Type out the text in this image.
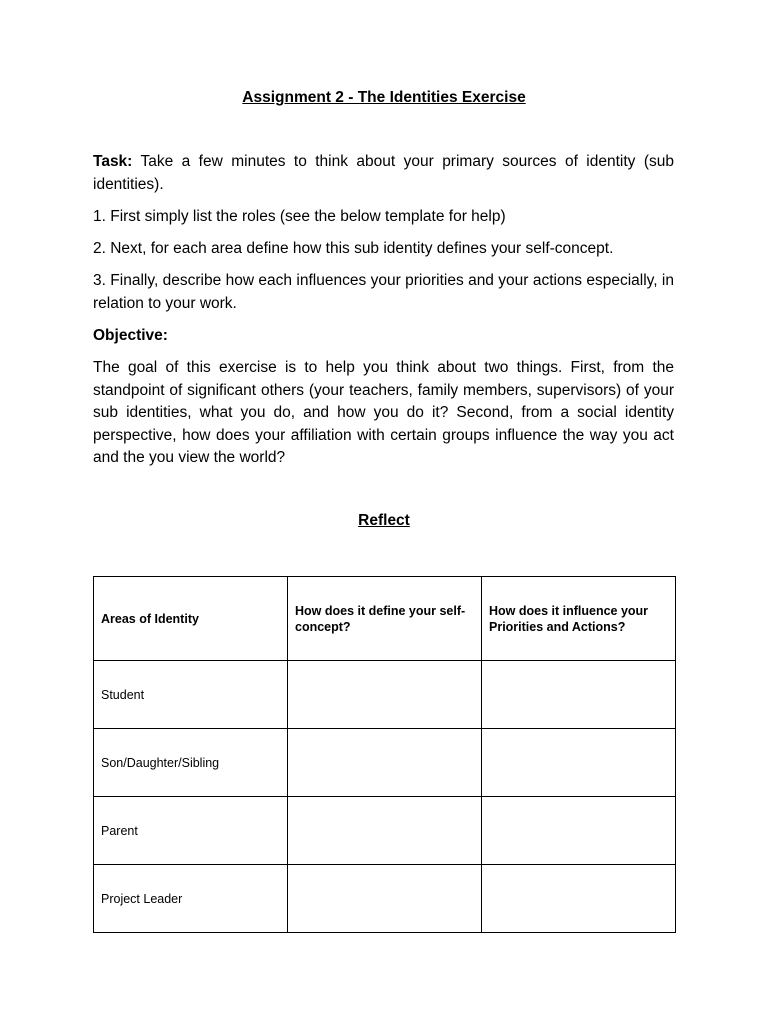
Assignment 2 - The Identities Exercise
Task: Take a few minutes to think about your primary sources of identity (sub identities).
1. First simply list the roles (see the below template for help)
2. Next, for each area define how this sub identity defines your self-concept.
3. Finally, describe how each influences your priorities and your actions especially, in relation to your work.
Objective:
The goal of this exercise is to help you think about two things. First, from the standpoint of significant others (your teachers, family members, supervisors) of your sub identities, what you do, and how you do it? Second, from a social identity perspective, how does your affiliation with certain groups influence the way you act and the you view the world?
Reflect
Areas of Identity	How does it define your self-concept?	How does it influence your Priorities and Actions?
Student		
Son/Daughter/Sibling		
Parent		
Project Leader		
